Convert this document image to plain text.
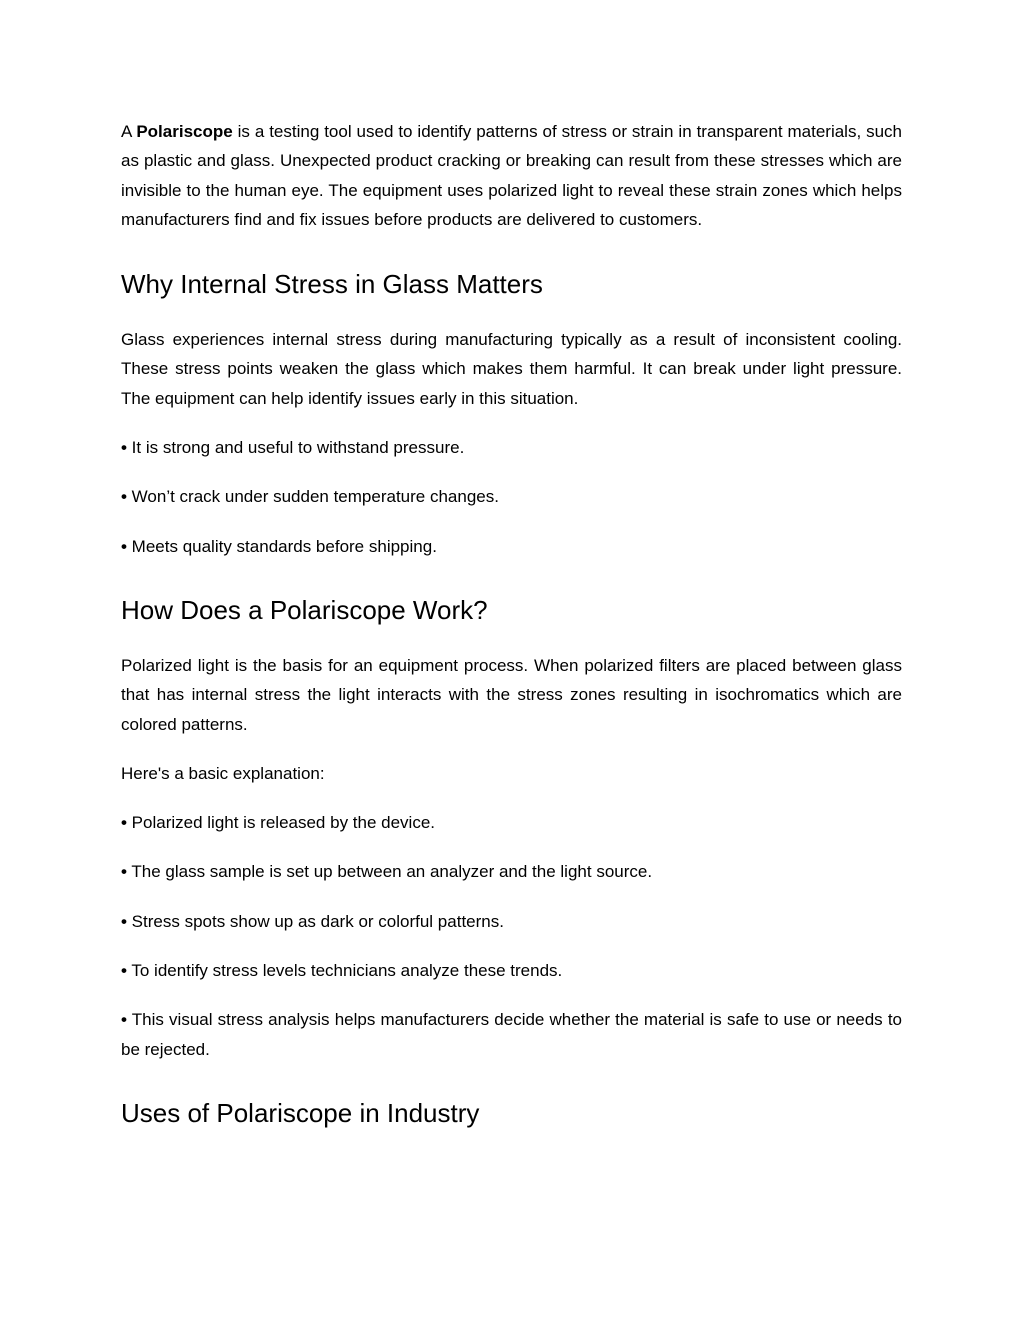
A Polariscope is a testing tool used to identify patterns of stress or strain in transparent materials, such as plastic and glass. Unexpected product cracking or breaking can result from these stresses which are invisible to the human eye. The equipment uses polarized light to reveal these strain zones which helps manufacturers find and fix issues before products are delivered to customers.

Why Internal Stress in Glass Matters

Glass experiences internal stress during manufacturing typically as a result of inconsistent cooling. These stress points weaken the glass which makes them harmful. It can break under light pressure. The equipment can help identify issues early in this situation.

• It is strong and useful to withstand pressure.

• Won’t crack under sudden temperature changes.

• Meets quality standards before shipping.

How Does a Polariscope Work?

Polarized light is the basis for an equipment process. When polarized filters are placed between glass that has internal stress the light interacts with the stress zones resulting in isochromatics which are colored patterns.

Here's a basic explanation:

• Polarized light is released by the device.

• The glass sample is set up between an analyzer and the light source.

• Stress spots show up as dark or colorful patterns.

• To identify stress levels technicians analyze these trends.

• This visual stress analysis helps manufacturers decide whether the material is safe to use or needs to be rejected.

Uses of Polariscope in Industry
